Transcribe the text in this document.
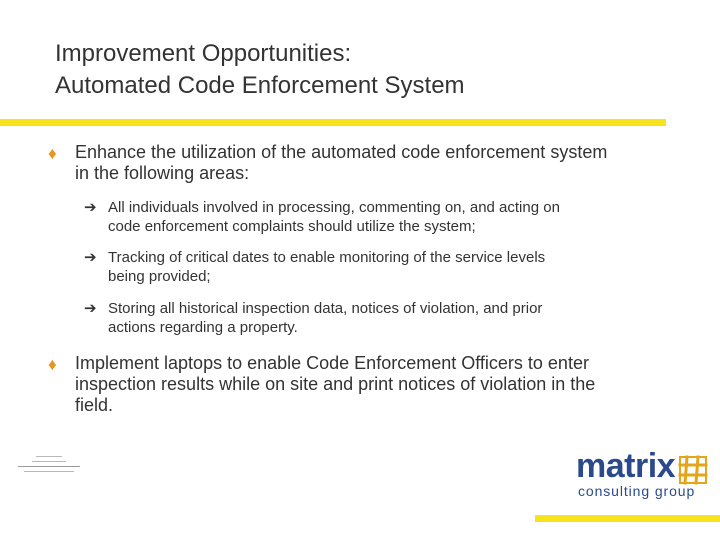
Improvement Opportunities:
Automated Code Enforcement System
♦ Enhance the utilization of the automated code enforcement system
in the following areas:
➔ All individuals involved in processing, commenting on, and acting on
code enforcement complaints should utilize the system;
➔ Tracking of critical dates to enable monitoring of the service levels
being provided;
➔ Storing all historical inspection data, notices of violation, and prior
actions regarding a property.
♦ Implement laptops to enable Code Enforcement Officers to enter
inspection results while on site and print notices of violation in the
field.
matrix
consulting group
